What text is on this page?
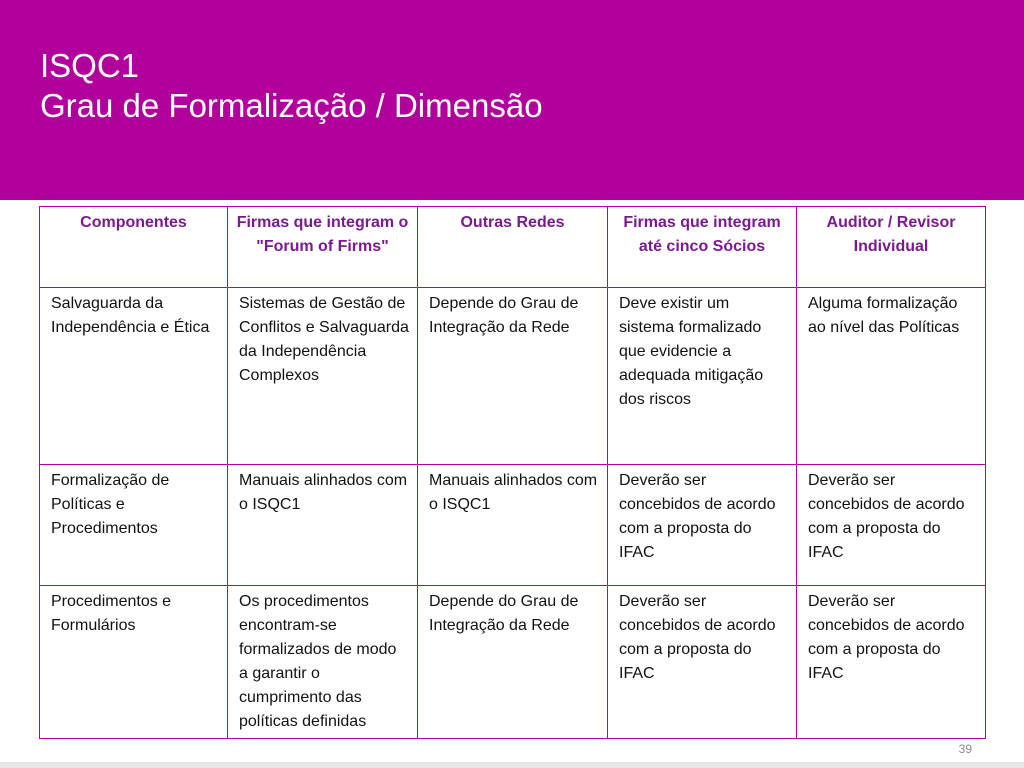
ISQC1
Grau de Formalização / Dimensão
Componentes	Firmas que integram o "Forum of Firms"	Outras Redes	Firmas que integram até cinco Sócios	Auditor / Revisor Individual
Salvaguarda da Independência e Ética	Sistemas de Gestão de Conflitos e Salvaguarda da Independência Complexos	Depende do Grau de Integração da Rede	Deve existir um sistema formalizado que evidencie a adequada mitigação dos riscos	Alguma formalização ao nível das Políticas
Formalização de Políticas e Procedimentos	Manuais alinhados com o ISQC1	Manuais alinhados com o ISQC1	Deverão ser concebidos de acordo com a proposta do IFAC	Deverão ser concebidos de acordo com a proposta do IFAC
Procedimentos e Formulários	Os procedimentos encontram-se formalizados de modo a garantir o cumprimento das políticas definidas	Depende do Grau de Integração da Rede	Deverão ser concebidos de acordo com a proposta do IFAC	Deverão ser concebidos de acordo com a proposta do IFAC
39
